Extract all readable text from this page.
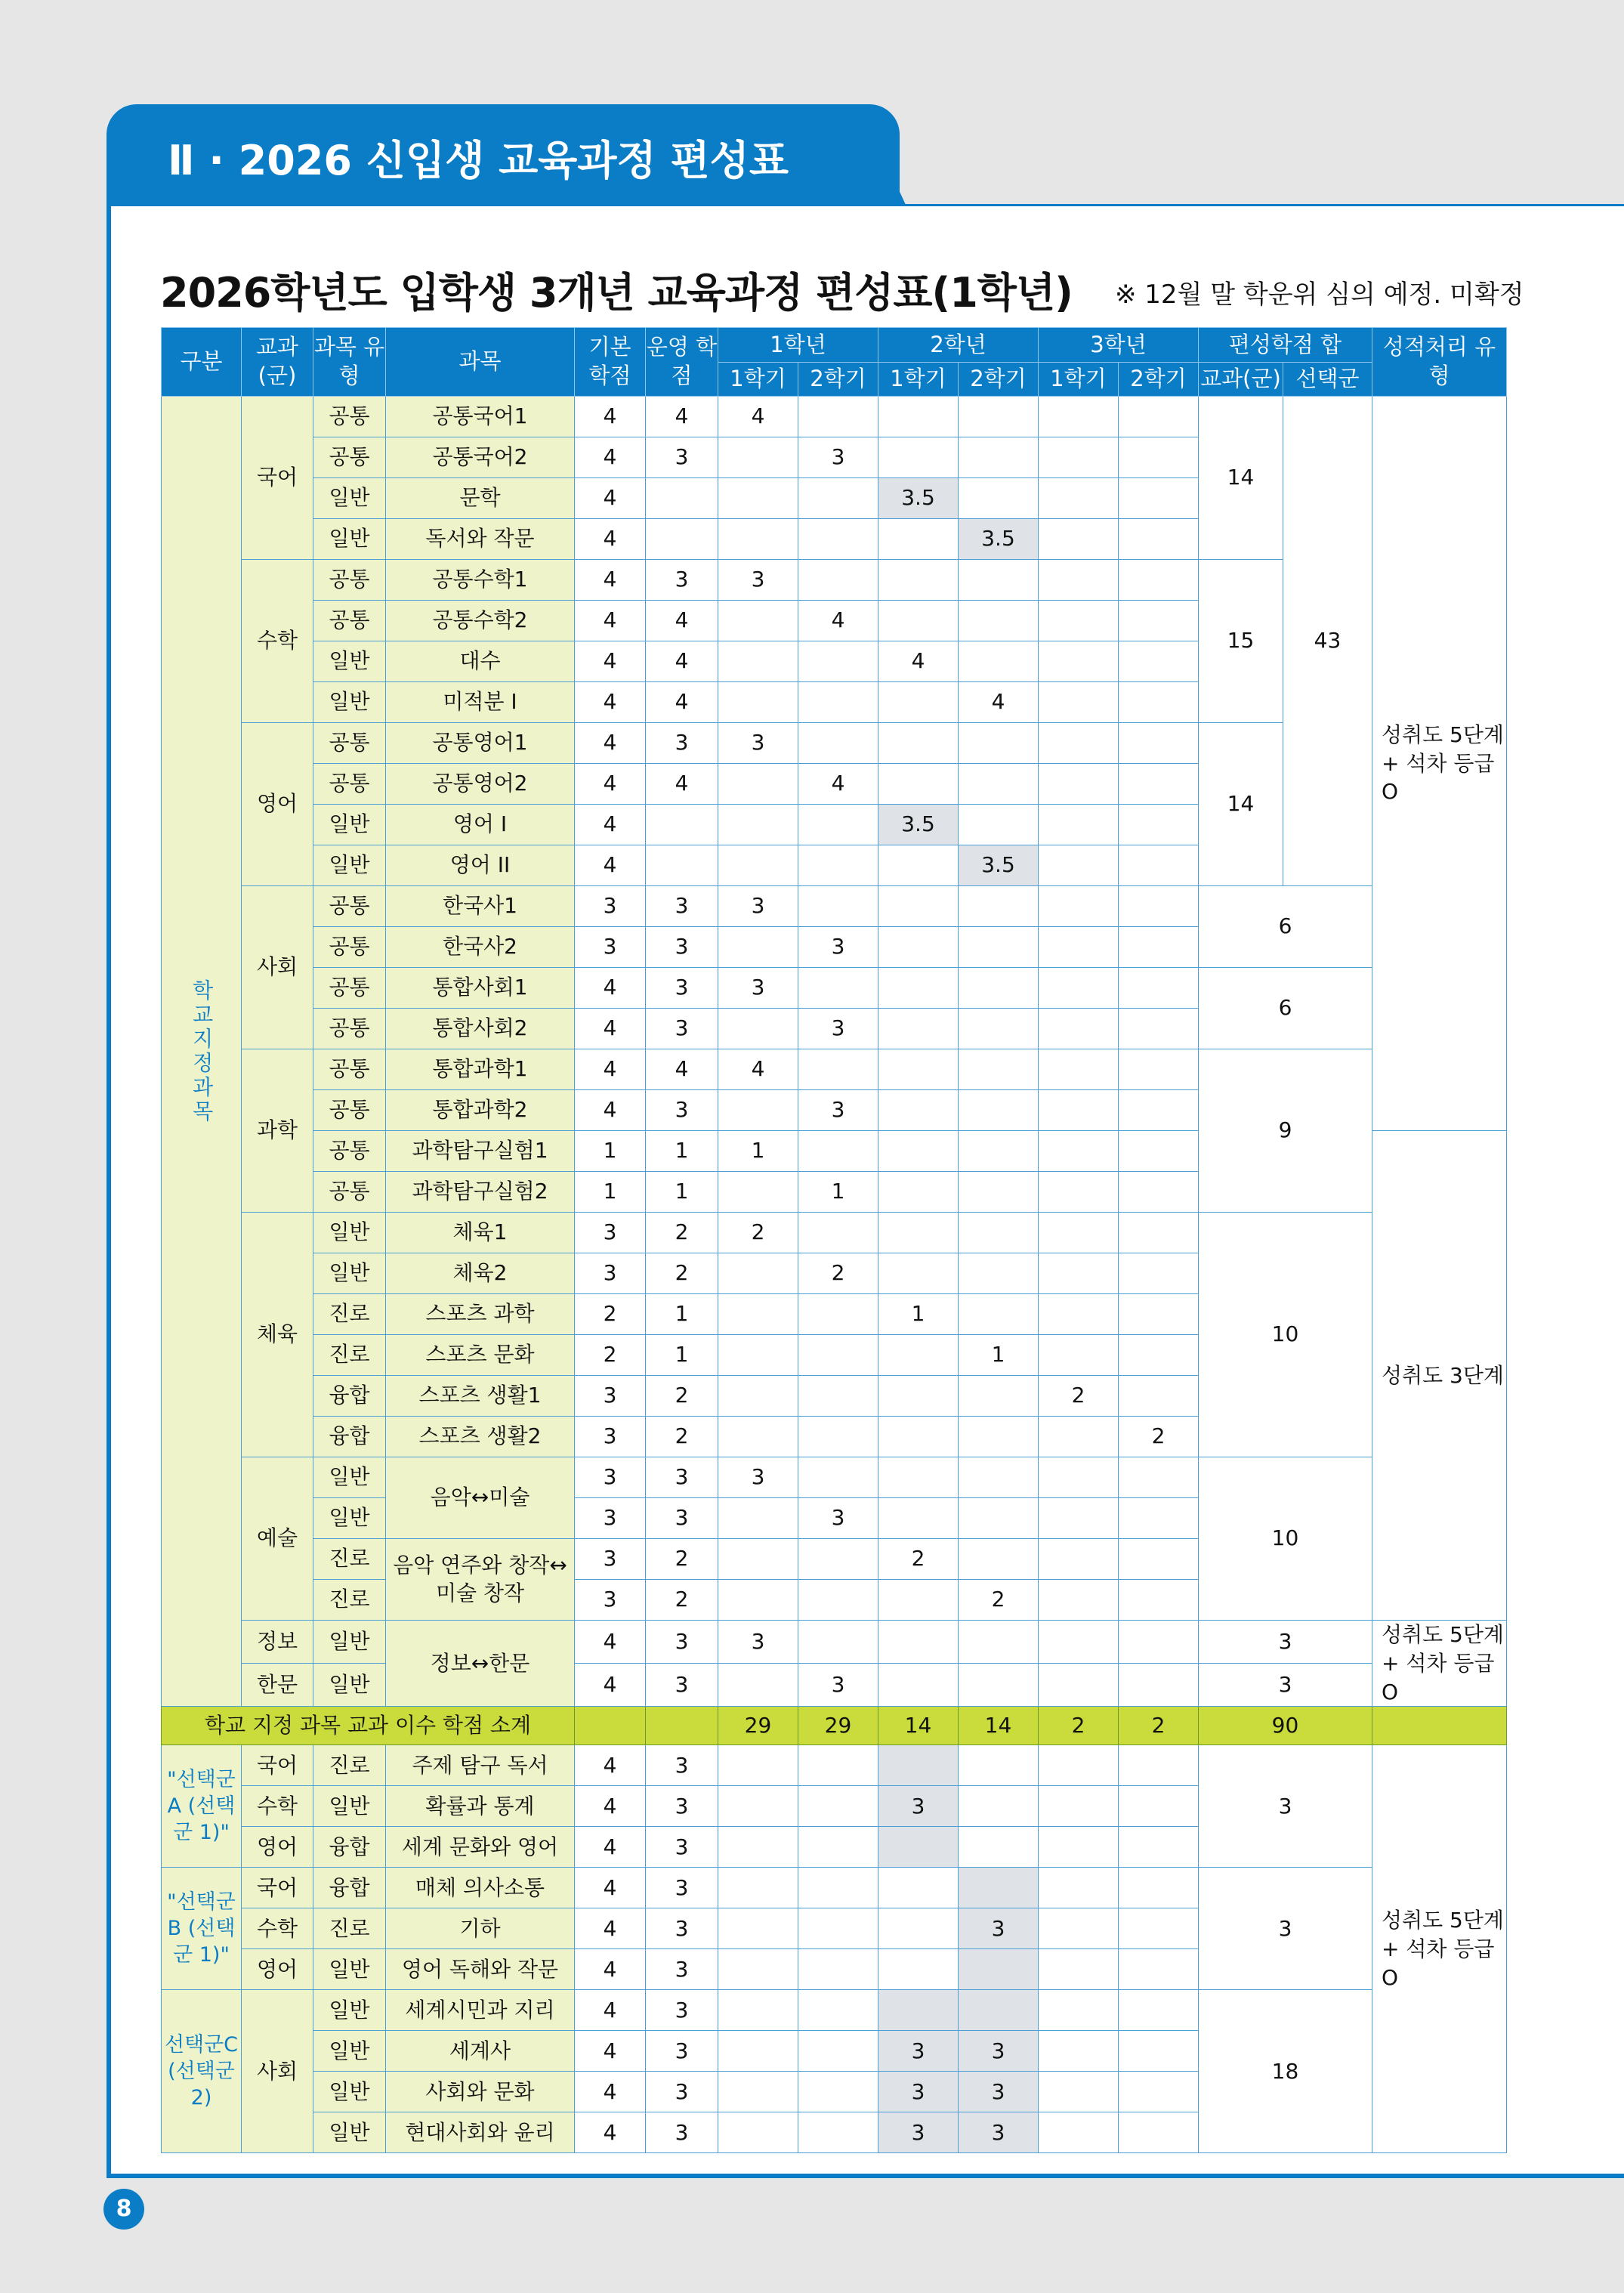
Ⅱ · 2026 신입생 교육과정 편성표
2026학년도 입학생 3개년 교육과정 편성표(1학년) ※ 12월 말 학운위 심의 예정. 미확정
구분	교과 (군)	과목 유형	과목	기본 학점	운영 학점	1학년		2학년		3학년		편성학점 합		성적처리 유형
						1학기	2학기	1학기	2학기	1학기	2학기	교과(군)	선택군	
학교지정과목	국어	공통	공통국어1	4	4	4						14	43	성취도 5단계 + 석차 등급O
		공통	공통국어2	4	3		3							
		일반	문학	4				3.5						
		일반	독서와 작문	4					3.5					
	수학	공통	공통수학1	4	3	3						15		
		공통	공통수학2	4	4		4							
		일반	대수	4	4			4						
		일반	미적분 I	4	4				4					
	영어	공통	공통영어1	4	3	3						14		
		공통	공통영어2	4	4		4							
		일반	영어 I	4				3.5						
		일반	영어 II	4					3.5					
	사회	공통	한국사1	3	3	3						6		
		공통	한국사2	3	3		3							
		공통	통합사회1	4	3	3						6		
		공통	통합사회2	4	3		3							
	과학	공통	통합과학1	4	4	4						9		
		공통	통합과학2	4	3		3							
		공통	과학탐구실험1	1	1	1								성취도 3단계
		공통	과학탐구실험2	1	1		1							
	체육	일반	체육1	3	2	2						10		
		일반	체육2	3	2		2							
		진로	스포츠 과학	2	1			1						
		진로	스포츠 문화	2	1				1					
		융합	스포츠 생활1	3	2					2				
		융합	스포츠 생활2	3	2						2			
	예술	일반	음악↔미술	3	3	3						10		
		일반		3	3		3							
		진로	음악 연주와 창작↔미술 창작	3	2			2						
		진로		3	2				2					
	정보	일반	정보↔한문	4	3	3						3		성취도 5단계 + 석차 등급O
	한문	일반		4	3		3					3		
학교 지정 과목 교과 이수 학점 소계						29	29	14	14	2	2	90		
"선택군 A (선택군 1)"	국어	진로	주제 탐구 독서	4	3							3		성취도 5단계 + 석차 등급O
	수학	일반	확률과 통계	4	3			3						
	영어	융합	세계 문화와 영어	4	3									
"선택군 B (선택군 1)"	국어	융합	매체 의사소통	4	3							3		
	수학	진로	기하	4	3				3					
	영어	일반	영어 독해와 작문	4	3									
선택군C (선택군2)	사회	일반	세계시민과 지리	4	3							18		
		일반	세계사	4	3			3	3					
		일반	사회와 문화	4	3			3	3					
		일반	현대사회와 윤리	4	3			3	3					
8
